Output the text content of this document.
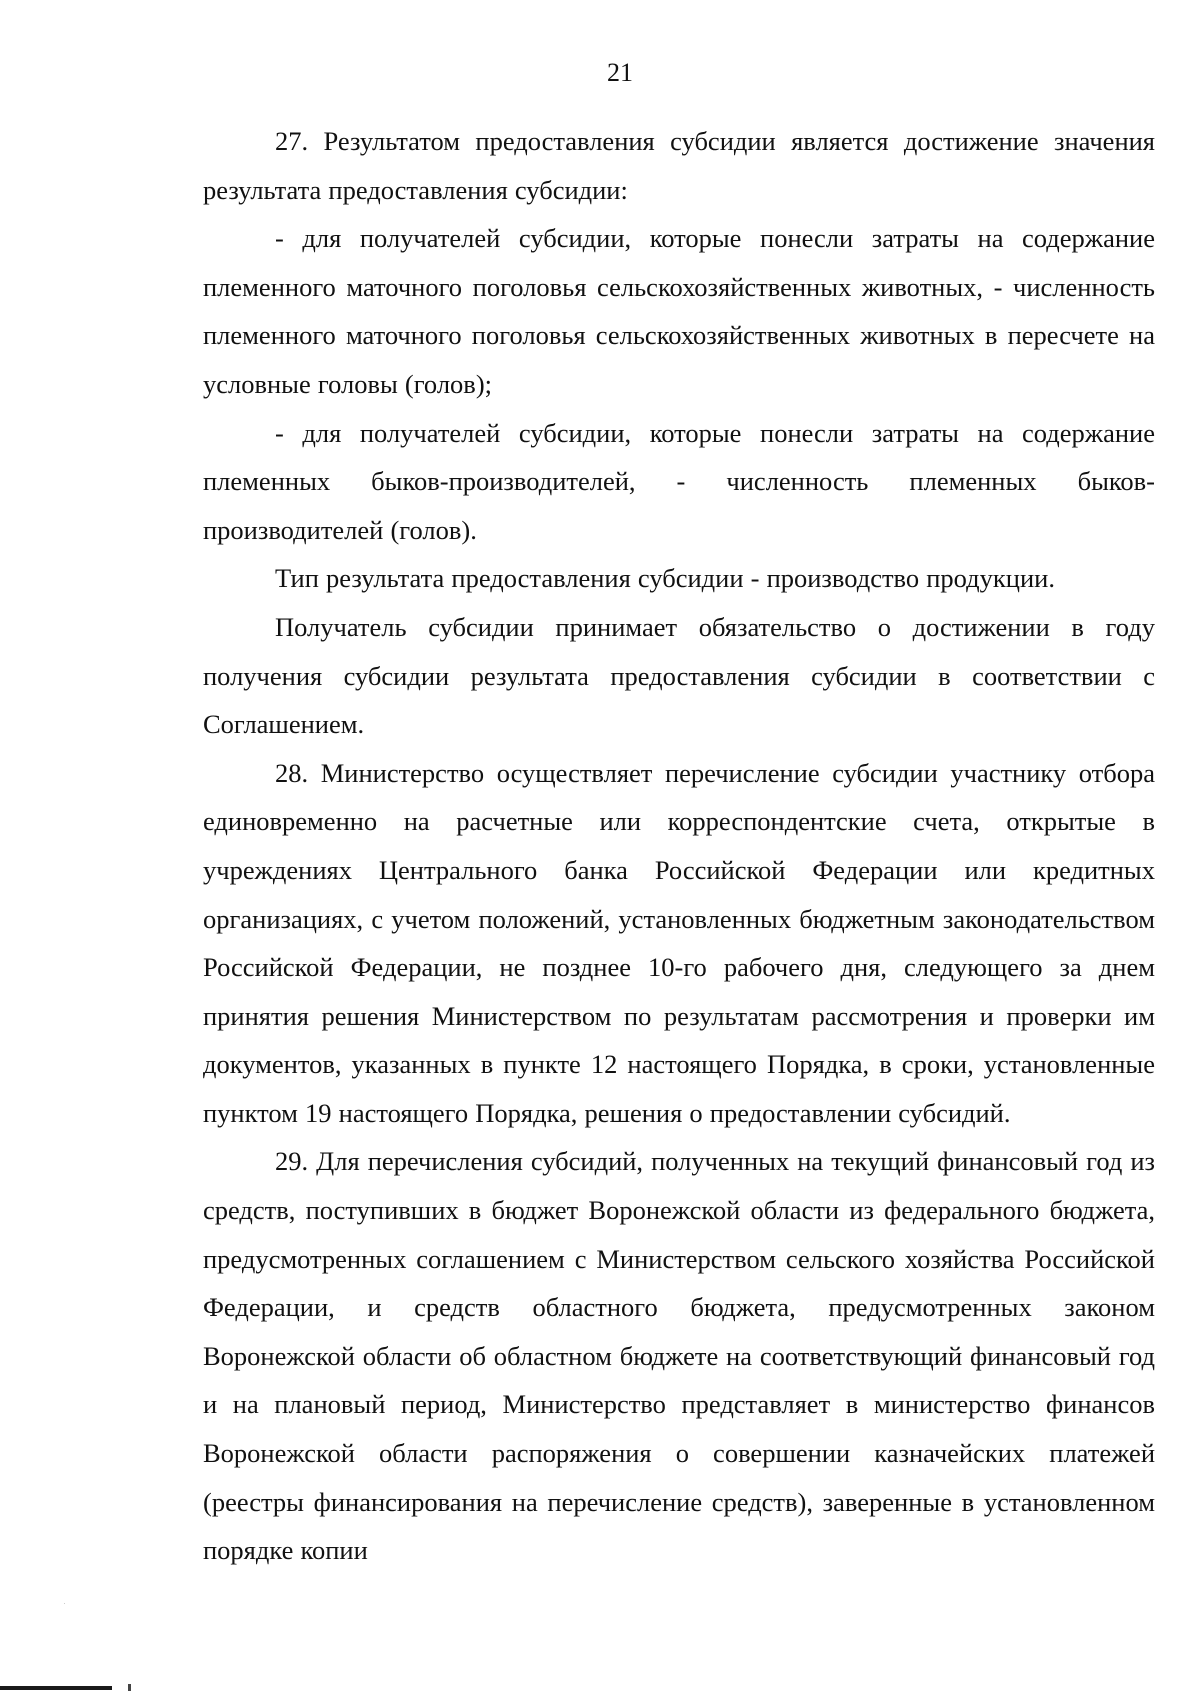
21

27. Результатом предоставления субсидии является достижение значения результата предоставления субсидии:

- для получателей субсидии, которые понесли затраты на содержание племенного маточного поголовья сельскохозяйственных животных, - численность племенного маточного поголовья сельскохозяйственных животных в пересчете на условные головы (голов);

- для получателей субсидии, которые понесли затраты на содержание племенных быков-производителей, - численность племенных быков-производителей (голов).

Тип результата предоставления субсидии - производство продукции.

Получатель субсидии принимает обязательство о достижении в году получения субсидии результата предоставления субсидии в соответствии с Соглашением.

28. Министерство осуществляет перечисление субсидии участнику отбора единовременно на расчетные или корреспондентские счета, открытые в учреждениях Центрального банка Российской Федерации или кредитных организациях, с учетом положений, установленных бюджетным законодательством Российской Федерации, не позднее 10-го рабочего дня, следующего за днем принятия решения Министерством по результатам рассмотрения и проверки им документов, указанных в пункте 12 настоящего Порядка, в сроки, установленные пунктом 19 настоящего Порядка, решения о предоставлении субсидий.

29. Для перечисления субсидий, полученных на текущий финансовый год из средств, поступивших в бюджет Воронежской области из федерального бюджета, предусмотренных соглашением с Министерством сельского хозяйства Российской Федерации, и средств областного бюджета, предусмотренных законом Воронежской области об областном бюджете на соответствующий финансовый год и на плановый период, Министерство представляет в министерство финансов Воронежской области распоряжения о совершении казначейских платежей (реестры финансирования на перечисление средств), заверенные в установленном порядке копии
